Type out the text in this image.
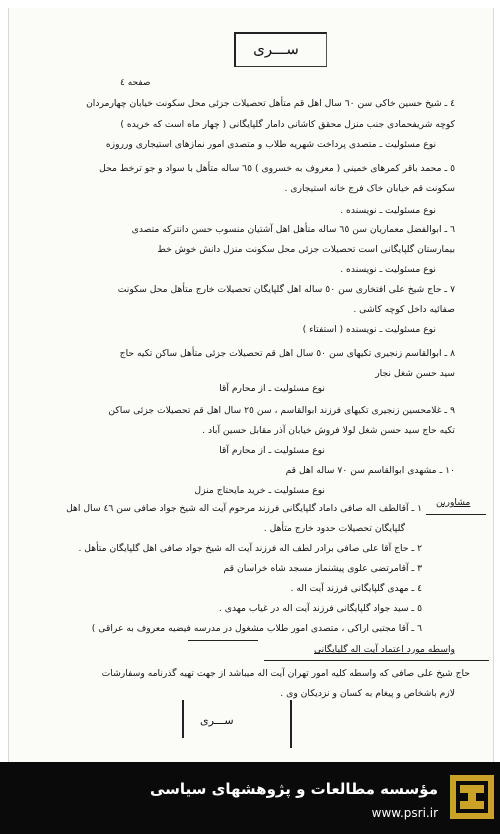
ســـری
صفحه ٤
٤ ـ شیخ حسین خاکی سن ٦٠ سال اهل قم متأهل تحصیلات جزئی محل سکونت خیابان چهارمردان
کوچه شریفحمادی جنب منزل محقق کاشانی دامار گلپایگانی ( چهار ماه است که خریده )
نوع مسئولیت ـ متصدی پرداخت شهریه طلاب و متصدی امور نمازهای استیجاری ورروزه
٥ ـ محمد باقر کمرهای خمینی ( معروف به خسروی ) ٦٥ ساله متأهل با سواد و جو ترخط محل
سکونت قم خیابان خاک فرج خانه استیجاری .
نوع مسئولیت ـ نویسنده .
٦ ـ ابوالفضل معماریان سن ٦٥ ساله متأهل اهل آشتیان منسوب حسن دانترکه متصدی
بیمارستان گلپایگانی است تحصیلات جزئی محل سکونت منزل دانش خوش خط
نوع مسئولیت ـ نویسنده .
٧ ـ حاج شیخ علی افتخاری سن ٥٠ ساله اهل گلپایگان تحصیلات خارج متأهل محل سکونت
صفائیه داخل کوچه کاشی .
نوع مسئولیت ـ نویسنده ( استفتاء )
٨ ـ ابوالقاسم زنجیری تکیهای سن ٥٠ سال اهل قم تحصیلات جزئی متأهل ساکن تکیه حاج
سید حسن شغل نجار
نوع مسئولیت ـ از محارم آقا
٩ ـ غلامحسین زنجیری تکیهای فرزند ابوالقاسم ، سن ٢٥ سال اهل قم تحصیلات جزئی ساکن
تکیه حاج سید حسن شغل لولا فروش خیابان آذر مقابل حسین آباد .
نوع مسئولیت ـ از محارم آقا
١٠ ـ مشهدی ابوالقاسم سن ٧٠ ساله اهل قم
نوع مسئولیت ـ خرید مایحتاج منزل
مشاورین
١ ـ آقالطف اله صافی داماد گلپایگانی فرزند مرحوم آیت اله شیخ جواد صافی سن ٤٦ سال اهل
گلپایگان تحصیلات حدود خارج متأهل .
٢ ـ حاج آقا علی صافی برادر لطف اله فرزند آیت اله شیخ جواد صافی اهل گلپایگان متأهل .
٣ ـ آقامرتضی علوی پیشنماز مسجد شاه خراسان قم
٤ ـ مهدی گلپایگانی فرزند آیت اله .
٥ ـ سید جواد گلپایگانی فرزند آیت اله در غیاب مهدی .
٦ ـ آقا مجتبی اراکی ، متصدی امور طلاب مشغول در مدرسه فیضیه معروف به عراقی )
واسطه مورد اعتماد آیت اله گلپایگانی
حاج شیخ علی صافی که واسطه کلیه امور تهران آیت اله میباشد از جهت تهیه گذرنامه وسفارشات
لازم باشخاص و پیغام به کسان و نزدیکان وی .
ســـری
مؤسسه مطالعات و پژوهشهای سیاسی
www.psri.ir
